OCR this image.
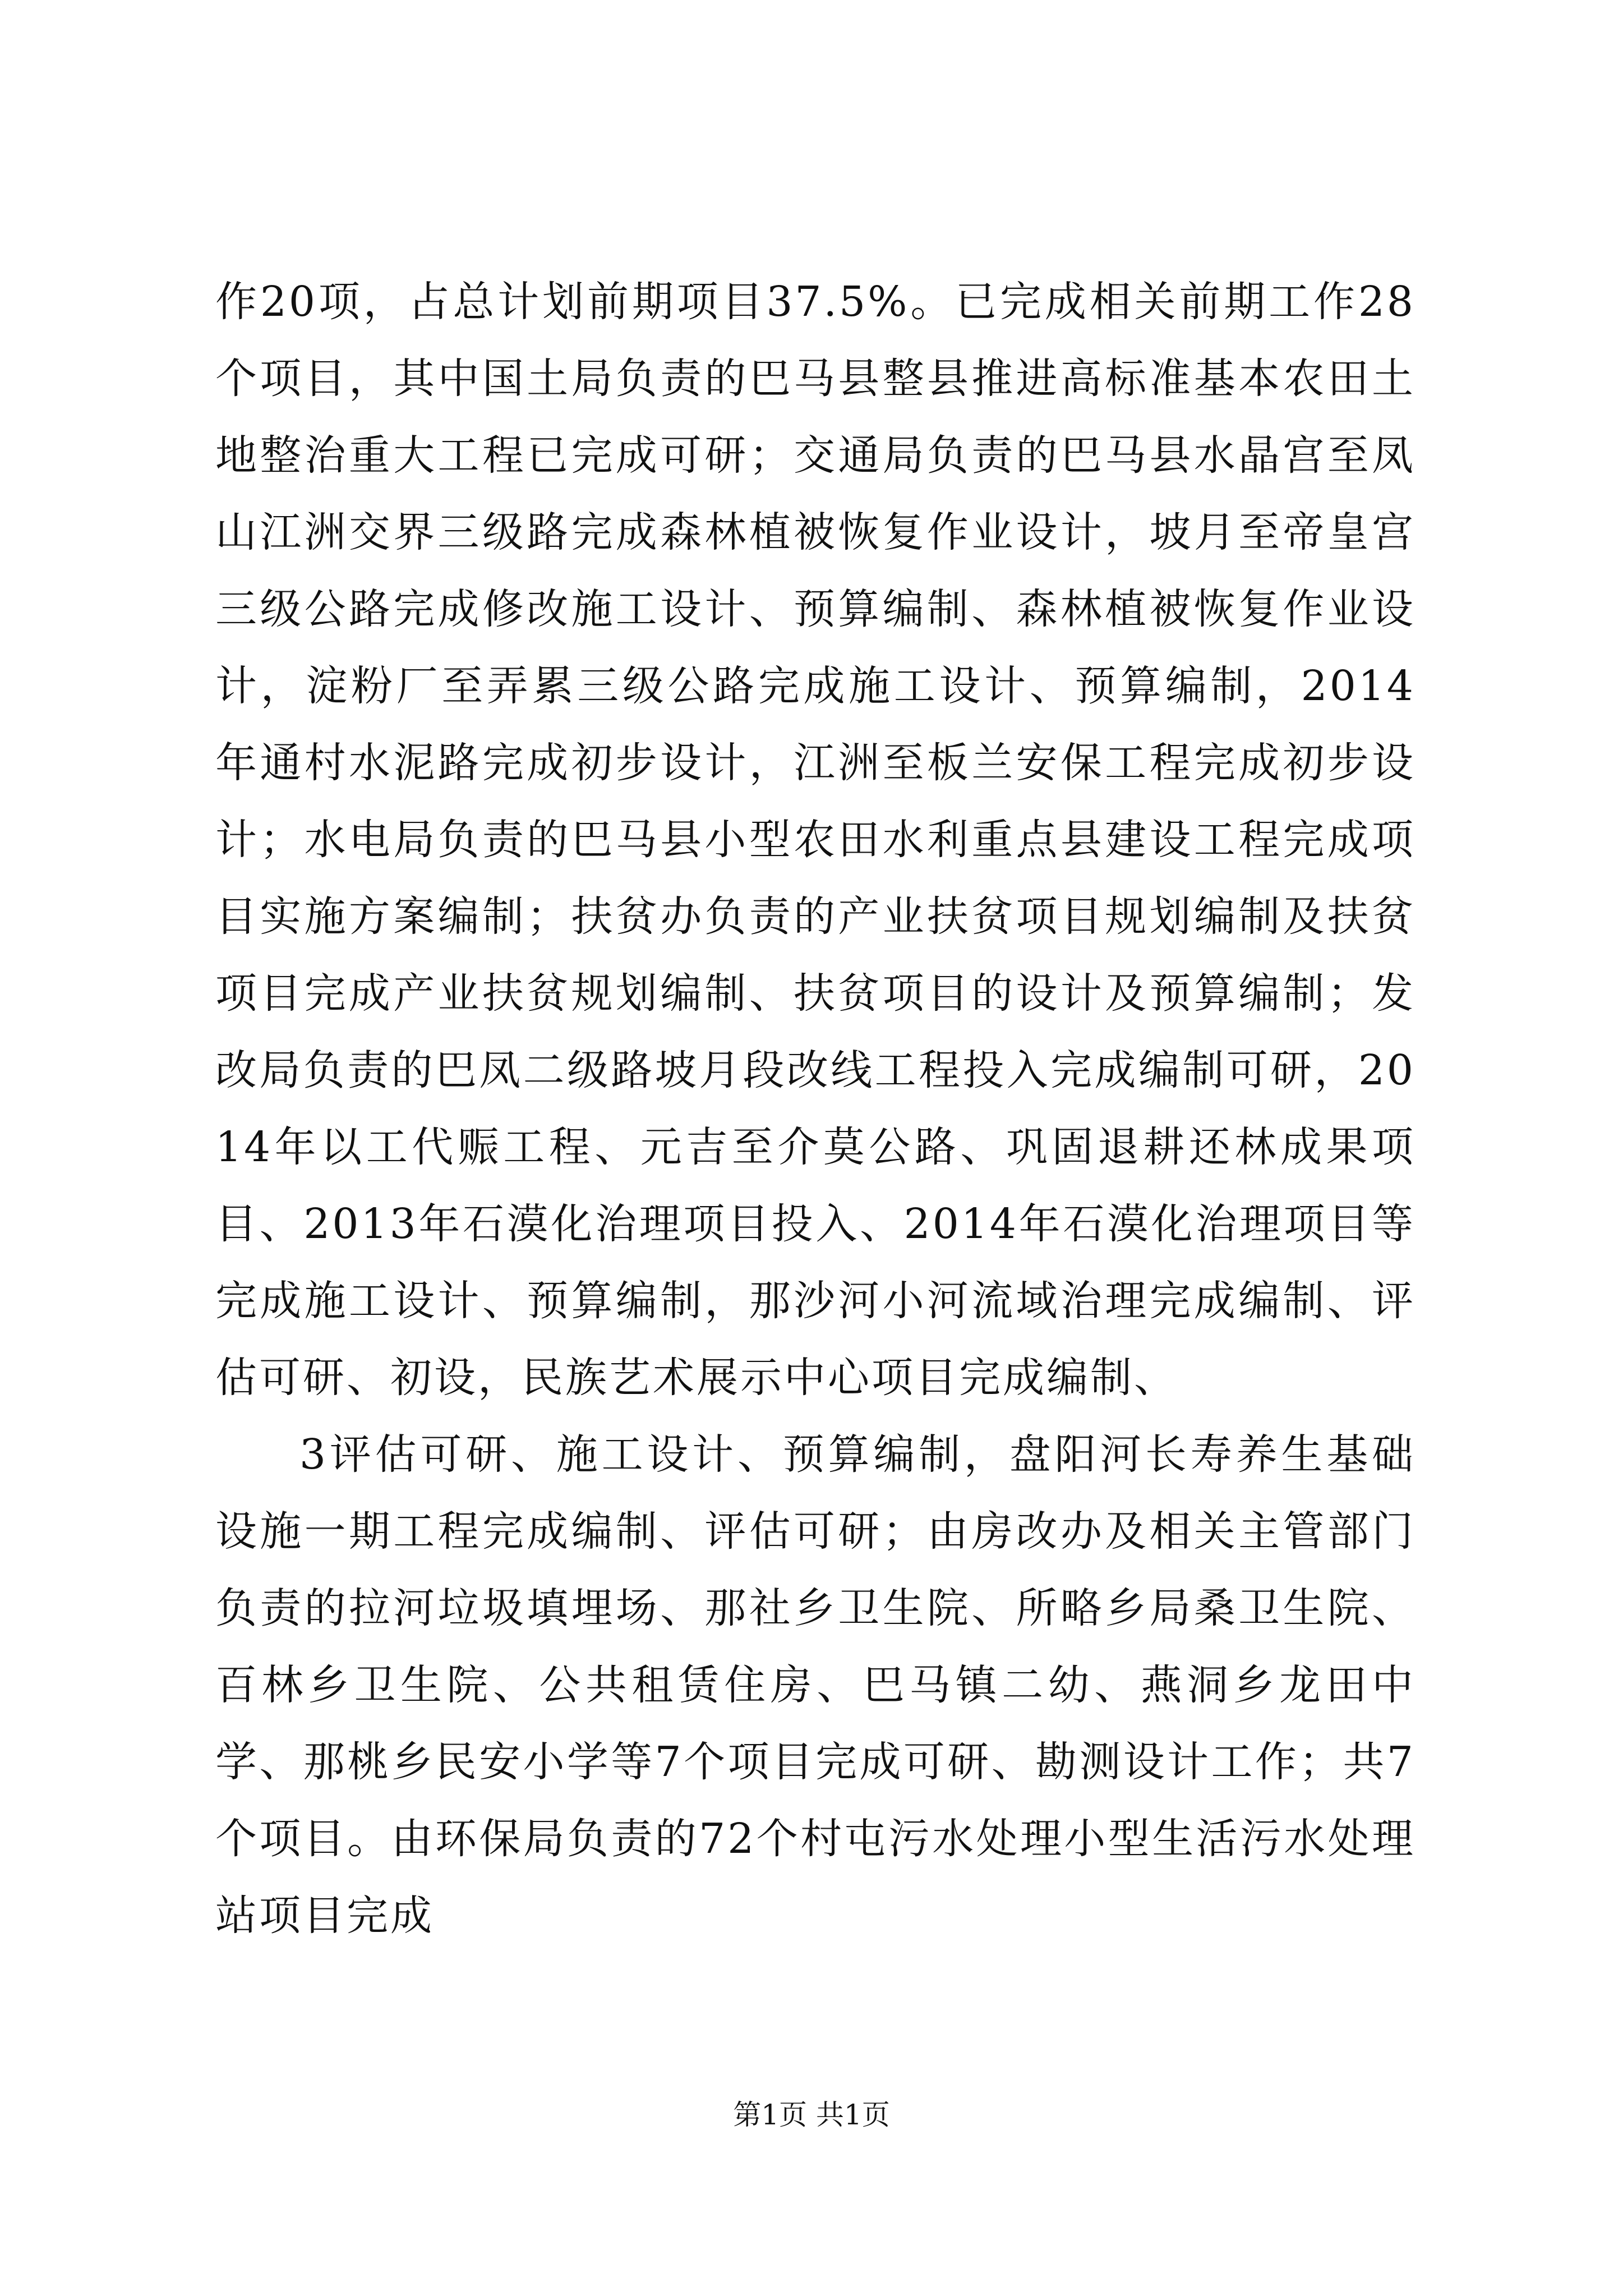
作20项，占总计划前期项目37.5%。已完成相关前期工作28个项目，其中国土局负责的巴马县整县推进高标准基本农田土地整治重大工程已完成可研；交通局负责的巴马县水晶宫至凤山江洲交界三级路完成森林植被恢复作业设计，坡月至帝皇宫三级公路完成修改施工设计、预算编制、森林植被恢复作业设计，淀粉厂至弄累三级公路完成施工设计、预算编制，2014年通村水泥路完成初步设计，江洲至板兰安保工程完成初步设计；水电局负责的巴马县小型农田水利重点县建设工程完成项目实施方案编制；扶贫办负责的产业扶贫项目规划编制及扶贫项目完成产业扶贫规划编制、扶贫项目的设计及预算编制；发改局负责的巴凤二级路坡月段改线工程投入完成编制可研，2014年以工代赈工程、元吉至介莫公路、巩固退耕还林成果项目、2013年石漠化治理项目投入、2014年石漠化治理项目等完成施工设计、预算编制，那沙河小河流域治理完成编制、评估可研、初设，民族艺术展示中心项目完成编制、

3评估可研、施工设计、预算编制，盘阳河长寿养生基础设施一期工程完成编制、评估可研；由房改办及相关主管部门负责的拉河垃圾填埋场、那社乡卫生院、所略乡局桑卫生院、百林乡卫生院、公共租赁住房、巴马镇二幼、燕洞乡龙田中学、那桃乡民安小学等7个项目完成可研、勘测设计工作；共7个项目。由环保局负责的72个村屯污水处理小型生活污水处理站项目完成

第1页 共1页
